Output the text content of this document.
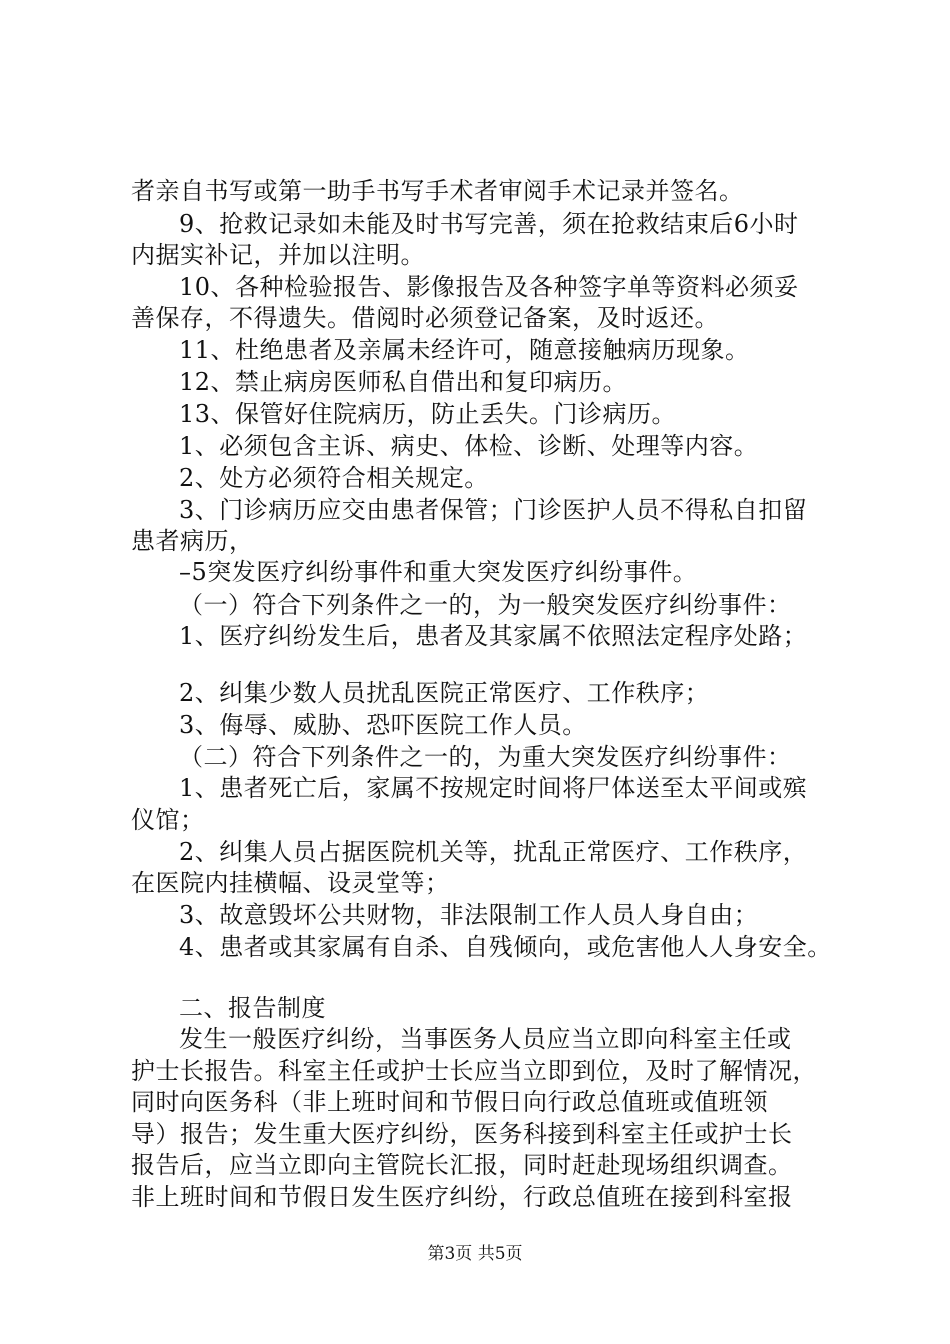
者亲自书写或第一助手书写手术者审阅手术记录并签名。
9、抢救记录如未能及时书写完善，须在抢救结束后6小时
内据实补记，并加以注明。
10、各种检验报告、影像报告及各种签字单等资料必须妥
善保存，不得遗失。借阅时必须登记备案，及时返还。
11、杜绝患者及亲属未经许可，随意接触病历现象。
12、禁止病房医师私自借出和复印病历。
13、保管好住院病历，防止丢失。门诊病历。
1、必须包含主诉、病史、体检、诊断、处理等内容。
2、处方必须符合相关规定。
3、门诊病历应交由患者保管；门诊医护人员不得私自扣留
患者病历，
–5突发医疗纠纷事件和重大突发医疗纠纷事件。
（一）符合下列条件之一的，为一般突发医疗纠纷事件：
1、医疗纠纷发生后，患者及其家属不依照法定程序处路；
2、纠集少数人员扰乱医院正常医疗、工作秩序；
3、侮辱、威胁、恐吓医院工作人员。
（二）符合下列条件之一的，为重大突发医疗纠纷事件：
1、患者死亡后，家属不按规定时间将尸体送至太平间或殡
仪馆；
2、纠集人员占据医院机关等，扰乱正常医疗、工作秩序，
在医院内挂横幅、设灵堂等；
3、故意毁坏公共财物，非法限制工作人员人身自由；
4、患者或其家属有自杀、自残倾向，或危害他人人身安全。
二、报告制度
发生一般医疗纠纷，当事医务人员应当立即向科室主任或
护士长报告。科室主任或护士长应当立即到位，及时了解情况，
同时向医务科（非上班时间和节假日向行政总值班或值班领
导）报告；发生重大医疗纠纷，医务科接到科室主任或护士长
报告后，应当立即向主管院长汇报，同时赶赴现场组织调查。
非上班时间和节假日发生医疗纠纷，行政总值班在接到科室报
第3页 共5页
